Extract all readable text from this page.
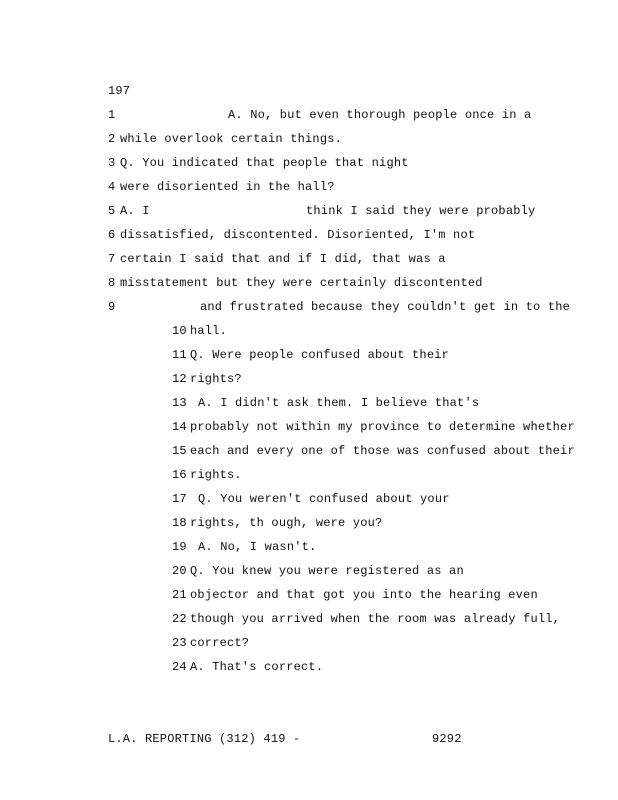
197
1	A. No, but even thorough people once in a
2 while overlook certain things.
3 Q. You indicated that people that night
4 were disoriented in the hall?
5 A. I	think I said they were probably
6 dissatisfied, discontented. Disoriented, I'm not
7 certain I said that and if I did, that was a
8 misstatement but they were certainly discontented
9	and frustrated because they couldn't get in to the
10 hall.
11 Q. Were people confused about their
12 rights?
13 A. I didn't ask them. I believe that's
14 probably not within my province to determine whether
15 each and every one of those was confused about their
16 rights.
17 Q. You weren't confused about your
18 rights, th ough, were you?
19 A. No, I wasn't.
20 Q. You knew you were registered as an
21 objector and that got you into the hearing even
22 though you arrived when the room was already full,
23 correct?
24 A. That's correct.
L.A. REPORTING (312) 419 -	9292
